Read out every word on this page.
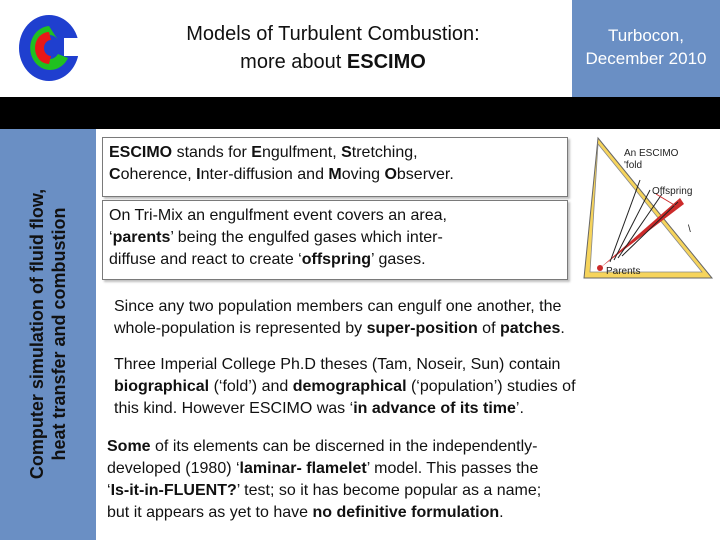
Models of Turbulent Combustion:
more about ESCIMO
Turbocon,
December 2010
Computer simulation of fluid flow, heat transfer and combustion
ESCIMO stands for Engulfment, Stretching,
Coherence, Inter-diffusion and Moving Observer.
On Tri-Mix an engulfment event covers an area,
‘parents’ being the engulfed gases which inter-
diffuse and react to create ‘offspring’ gases.
An ESCIMO
'fold
Offspring
Parents
\
Since any two population members can engulf one another, the
whole-population is represented by super-position of patches.
Three Imperial College Ph.D theses (Tam, Noseir, Sun) contain
biographical (‘fold’) and demographical (‘population’) studies of
this kind. However ESCIMO was ‘in advance of its time’.
Some of its elements can be discerned in the independently-
developed (1980) ‘laminar- flamelet’ model. This passes the
‘Is-it-in-FLUENT?’ test; so it has become popular as a name;
but it appears as yet to have no definitive formulation.
